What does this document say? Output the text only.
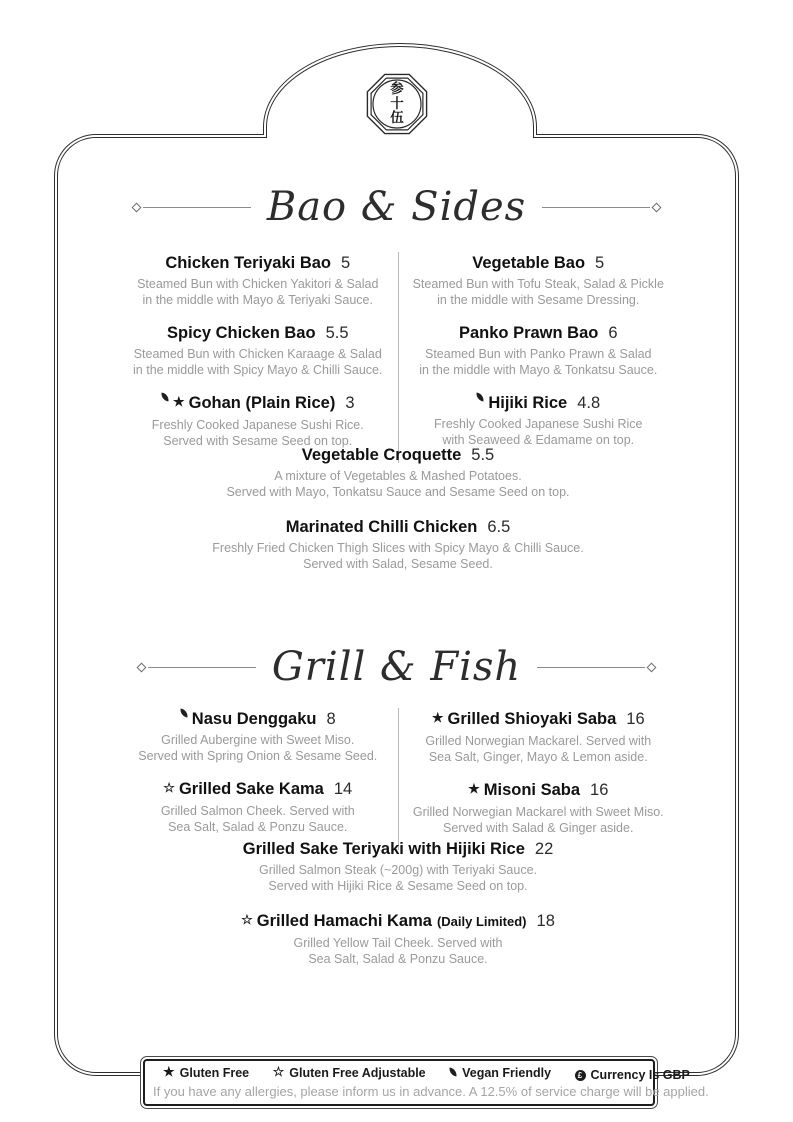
参
十
伍
Bao & Sides
Chicken Teriyaki Bao 5
Steamed Bun with Chicken Yakitori & Salad
in the middle with Mayo & Teriyaki Sauce.
Spicy Chicken Bao 5.5
Steamed Bun with Chicken Karaage & Salad
in the middle with Spicy Mayo & Chilli Sauce.
★ Gohan (Plain Rice) 3
Freshly Cooked Japanese Sushi Rice.
Served with Sesame Seed on top.
Vegetable Bao 5
Steamed Bun with Tofu Steak, Salad & Pickle
in the middle with Sesame Dressing.
Panko Prawn Bao 6
Steamed Bun with Panko Prawn & Salad
in the middle with Mayo & Tonkatsu Sauce.
Hijiki Rice 4.8
Freshly Cooked Japanese Sushi Rice
with Seaweed & Edamame on top.
Vegetable Croquette 5.5
A mixture of Vegetables & Mashed Potatoes.
Served with Mayo, Tonkatsu Sauce and Sesame Seed on top.
Marinated Chilli Chicken 6.5
Freshly Fried Chicken Thigh Slices with Spicy Mayo & Chilli Sauce.
Served with Salad, Sesame Seed.
Grill & Fish
Nasu Denggaku 8
Grilled Aubergine with Sweet Miso.
Served with Spring Onion & Sesame Seed.
☆ Grilled Sake Kama 14
Grilled Salmon Cheek. Served with
Sea Salt, Salad & Ponzu Sauce.
★ Grilled Shioyaki Saba 16
Grilled Norwegian Mackarel. Served with
Sea Salt, Ginger, Mayo & Lemon aside.
★ Misoni Saba 16
Grilled Norwegian Mackarel with Sweet Miso.
Served with Salad & Ginger aside.
Grilled Sake Teriyaki with Hijiki Rice 22
Grilled Salmon Steak (~200g) with Teriyaki Sauce.
Served with Hijiki Rice & Sesame Seed on top.
☆ Grilled Hamachi Kama (Daily Limited) 18
Grilled Yellow Tail Cheek. Served with
Sea Salt, Salad & Ponzu Sauce.
★ Gluten Free
☆ Gluten Free Adjustable
	Vegan Friendly
	£ Currency Is GBP
If you have any allergies, please inform us in advance. A 12.5% of service charge will be applied.
